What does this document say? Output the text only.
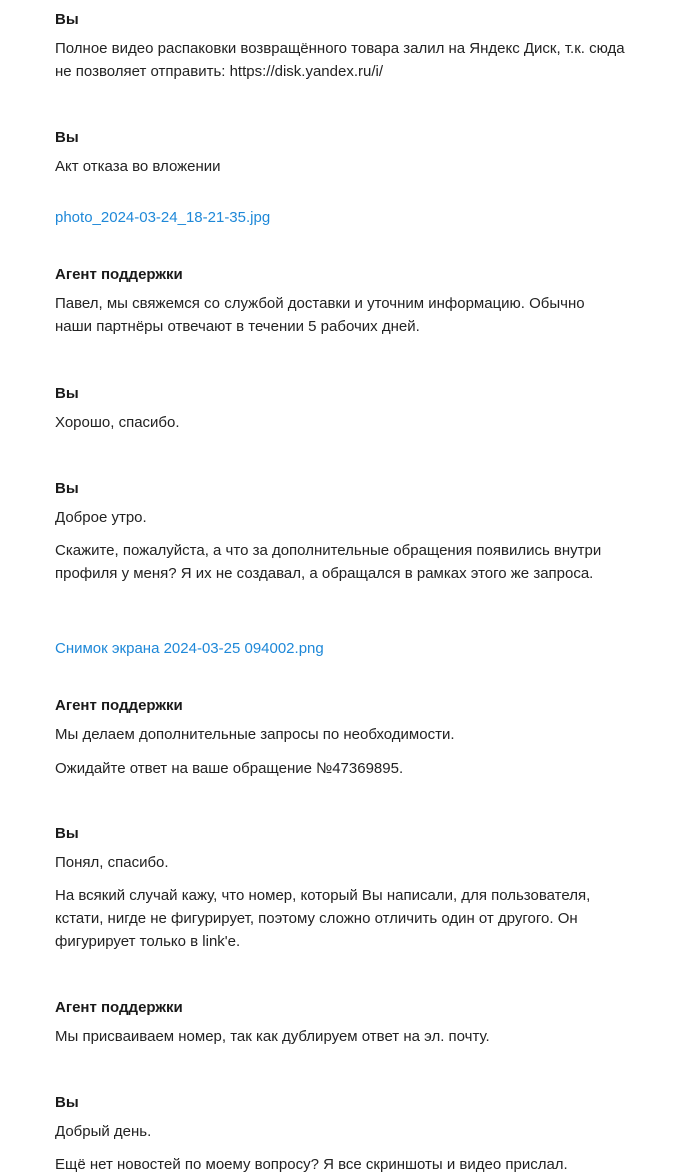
Вы

Полное видео распаковки возвращённого товара залил на Яндекс Диск, т.к. сюда не позволяет отправить: https://disk.yandex.ru/i/

Вы

Акт отказа во вложении

photo_2024-03-24_18-21-35.jpg
Агент поддержки

Павел, мы свяжемся со службой доставки и уточним информацию. Обычно наши партнёры отвечают в течении 5 рабочих дней.

Вы

Хорошо, спасибо.

Вы

Доброе утро.

Скажите, пожалуйста, а что за дополнительные обращения появились внутри профиля у меня? Я их не создавал, а обращался в рамках этого же запроса.

Снимок экрана 2024-03-25 094002.png
Агент поддержки

Мы делаем дополнительные запросы по необходимости.

Ожидайте ответ на ваше обращение №47369895.

Вы

Понял, спасибо.

На всякий случай кажу, что номер, который Вы написали, для пользователя, кстати, нигде не фигурирует, поэтому сложно отличить один от другого. Он фигурирует только в link'е.

Агент поддержки

Мы присваиваем номер, так как дублируем ответ на эл. почту.

Вы

Добрый день.

Ещё нет новостей по моему вопросу? Я все скриншоты и видео прислал.
